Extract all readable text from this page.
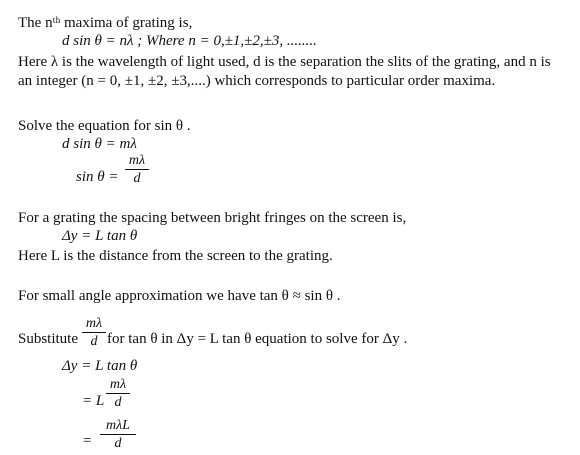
The nᵗʰ maxima of grating is,
d sin θ = nλ ; Where n = 0,±1,±2,±3, ........
Here λ is the wavelength of light used, d is the separation the slits of the grating, and n is
an integer (n = 0, ±1, ±2, ±3,....) which corresponds to particular order maxima.
Solve the equation for sin θ .
d sin θ = mλ
sin θ =
mλ
d
For a grating the spacing between bright fringes on the screen is,
Δy = L tan θ
Here L is the distance from the screen to the grating.
For small angle approximation we have tan θ ≈ sin θ .
Substitute
mλ
d for tan θ in Δy = L tan θ equation to solve for Δy .
Δy = L tan θ
= L
mλ
d
=
mλL
d
